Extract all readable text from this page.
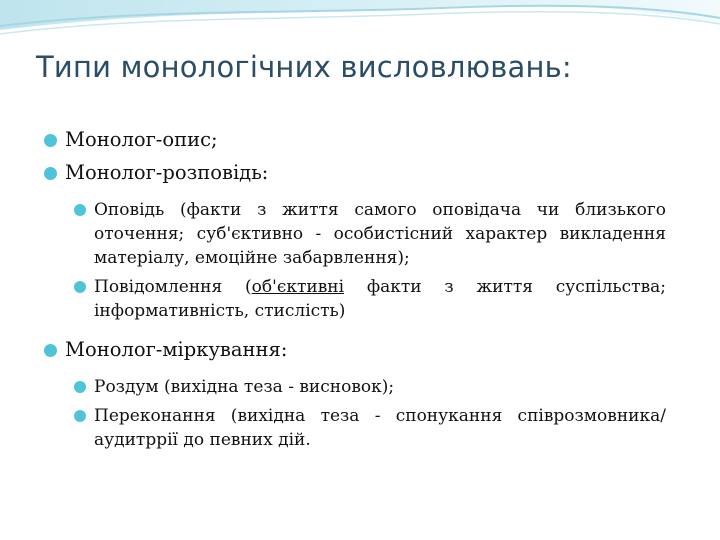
Типи монологічних висловлювань:
Монолог-опис;
Монолог-розповідь:
Оповідь (факти з життя самого оповідача чи близького оточення; суб'єктивно - особистісний характер викладення матеріалу, емоційне забарвлення);
Повідомлення (об'єктивні факти з життя суспільства; інформативність, стислість)
Монолог-міркування:
Роздум (вихідна теза - висновок);
Переконання (вихідна теза - спонукання співрозмовника/аудитррії до певних дій.
